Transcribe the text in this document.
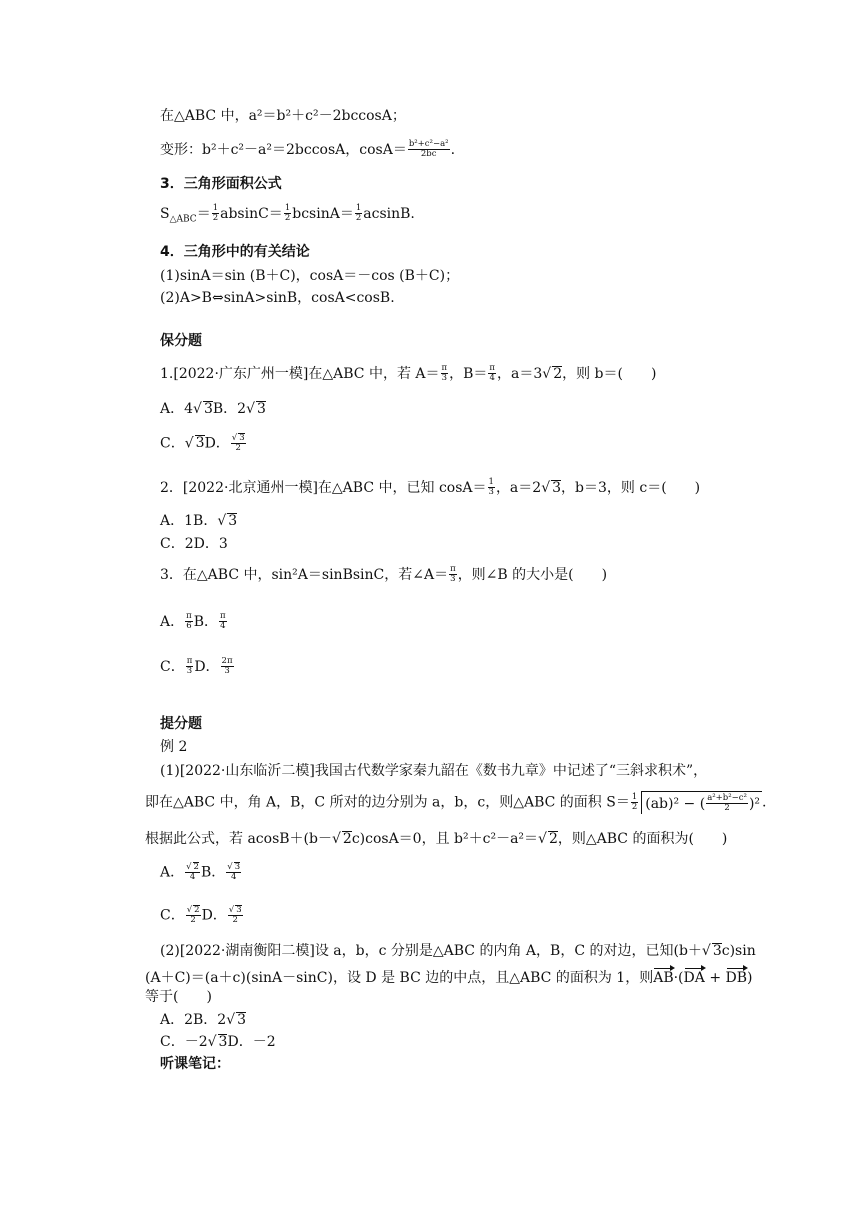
在△ABC 中，a²＝b²＋c²－2bccosA；
变形：b²＋c²－a²＝2bccosA，$\cos A= \frac{\text{b²+c²−a²}}{2bc}$ .
3．三角形面积公式
$S_{\triangle ABC}= \frac{1}{2} absinC= \frac{1}{2} bcsinA= \frac{1}{2} acsinB$.
4．三角形中的有关结论
(1)sinA＝sin (B＋C)，cosA＝－cos (B＋C)；
(2)A>B⇔sinA>sinB，cosA<cosB.
保分题
1.[2022·广东广州一模]在△ABC 中，若 $A= \frac{\pi}{3}$ ，$B= \frac{\pi}{4}$ ，a＝3√ 2，则 b＝(　　)
A．4√ 3B．2√ 3
C．√ 3D． $\frac{√ 3}{2}$
2．[2022·北京通州一模]在△ABC 中，已知 $\cos A= \frac{1}{3}$ ，a＝2√ 3，b＝3，则 c＝(　　)
A．1B．√ 3
C．2D．3
3．在△ABC 中，sin²A＝sinBsinC，若∠A＝ $\frac{\pi}{3}$ ，则∠B 的大小是(　　)
A． $\frac{\pi}{6}$ B． $\frac{\pi}{4}$
C． $\frac{\pi}{3}$ D． $\frac{2\pi}{3}$
提分题
例 2
(1)[2022·山东临沂二模]我国古代数学家秦九韶在《数书九章》中记述了“三斜求积术”，
即在△ABC 中，角 A，B，C 所对的边分别为 a，b，c，则△ABC 的面积 $S= \frac{1}{2} (ab)^2$ − ( $\frac{\text{a²+b²−c²}}{2} )^2$ .
根据此公式，若 acosB＋(b－√ 2c)cosA＝0，且 b²＋c²－a²＝√ 2，则△ABC 的面积为(　　)
A． $\frac{√ 2}{4}$ B． $\frac{√ 3}{4}$
C． $\frac{√ 2}{2}$ D． $\frac{√ 3}{2}$
(2)[2022·湖南衡阳二模]设 a，b，c 分别是△ABC 的内角 A，B，C 的对边，已知(b＋√ 3c)sin
(A＋C)＝(a＋c)(sinA－sinC)，设 D 是 BC 边的中点，且△ABC 的面积为 1，则AB·(DA + DB)
等于(　　)
A．2B．2√ 3
C．－2√ 3D．－2
听课笔记：
